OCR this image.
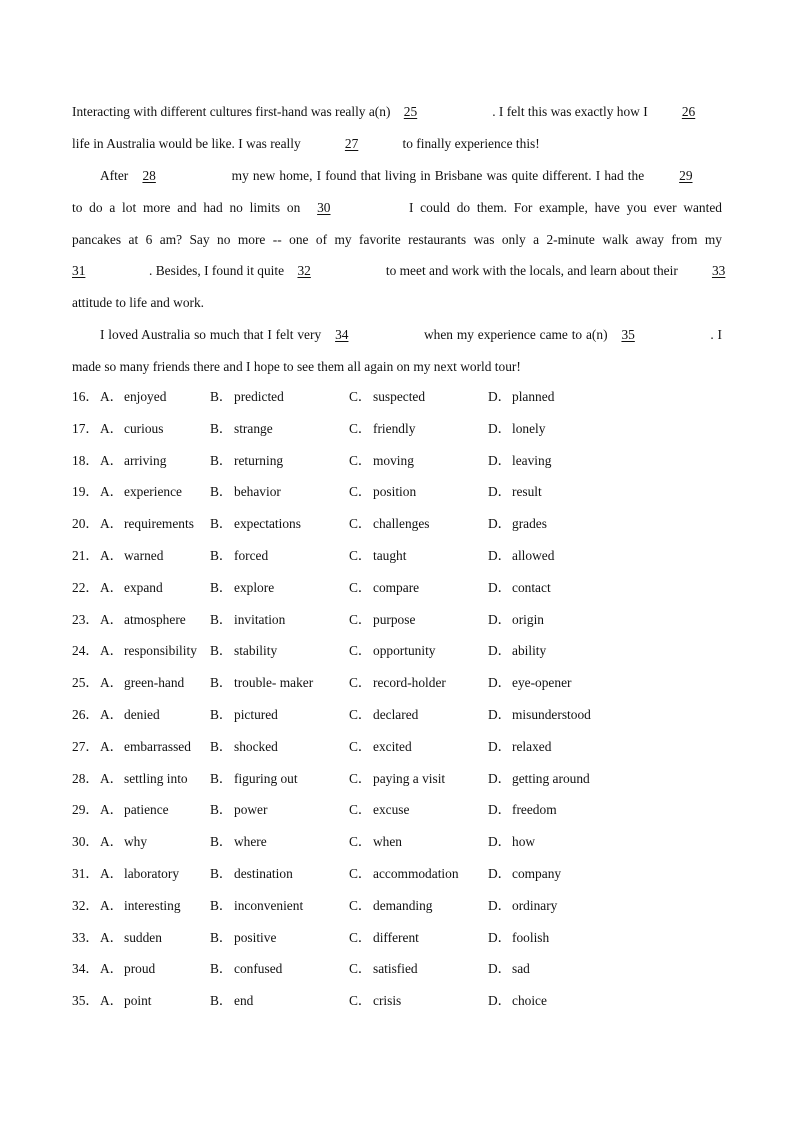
Interacting with different cultures first-hand was really a(n) 25	. I felt this was exactly how I	26
life in Australia would be like. I was really	27	to finally experience this!
After 28	my new home, I found that living in Brisbane was quite different. I had the	29
to do a lot more and had no limits on 30	I could do them. For example, have you ever wanted
pancakes at 6 am? Say no more -- one of my favorite restaurants was only a 2-minute walk away from my
31	. Besides, I found it quite 32	to meet and work with the locals, and learn about their	33
attitude to life and work.
I loved Australia so much that I felt very 34	when my experience came to a(n) 35	. I
made so many friends there and I hope to see them all again on my next world tour!
16． A．enjoyed	B． predicted	C． suspected	D．planned
17． A．curious	B． strange	C． friendly	D．lonely
18． A．arriving	B． returning	C． moving	D．leaving
19． A．experience B． behavior	C． position	D．result
20． A．requirements B． expectations	C． challenges	D．grades
21． A．warned	B． forced	C． taught	D．allowed
22． A．expand	B． explore	C． compare	D．contact
23． A．atmosphere B． invitation	C． purpose	D．origin
24． A．responsibility B． stability	C． opportunity	D．ability
25． A．green-hand B． trouble- maker	C． record-holder	D．eye-opener
26． A．denied	B． pictured	C． declared	D．misunderstood
27． A．embarrassed B． shocked	C． excited	D．relaxed
28． A．settling into B． figuring out	C． paying a visit	D．getting around
29． A．patience	B． power	C． excuse	D．freedom
30． A．why	B． where	C． when	D．how
31． A．laboratory B． destination	C． accommodation D．company
32． A．interesting B． inconvenient	C． demanding	D．ordinary
33． A．sudden	B． positive	C． different	D．foolish
34． A．proud	B． confused	C． satisfied	D．sad
35． A．point	B． end	C． crisis	D．choice
